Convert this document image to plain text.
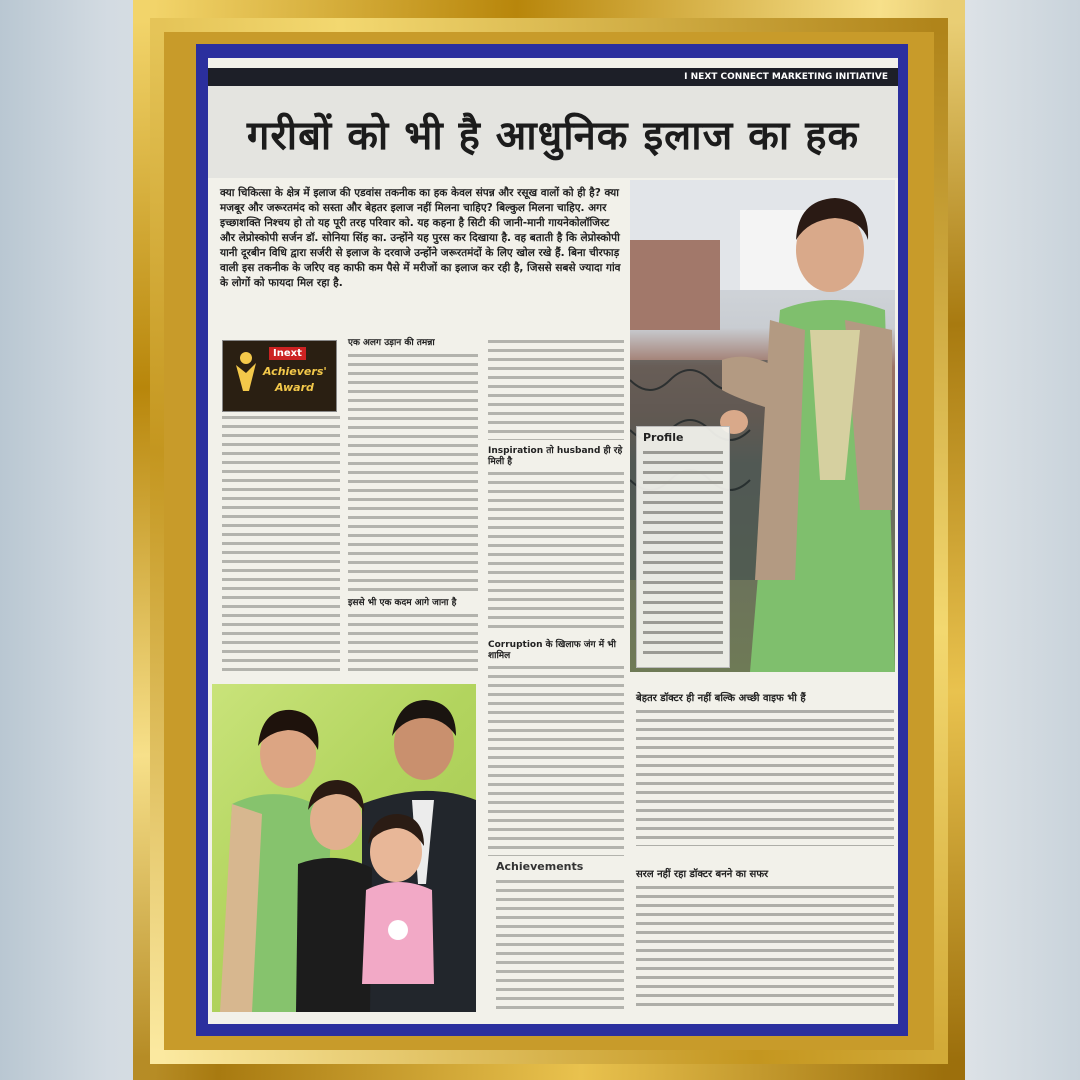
I NEXT CONNECT MARKETING INITIATIVE
गरीबों को भी है आधुनिक इलाज का हक
क्या चिकित्सा के क्षेत्र में इलाज की एडवांस तकनीक का हक केवल संपन्न और रसूख वालों को ही है? क्या मजबूर और जरूरतमंद को सस्ता और बेहतर इलाज नहीं मिलना चाहिए? बिल्कुल मिलना चाहिए. अगर इच्छाशक्ति निश्चय हो तो यह पूरी तरह परिवार को. यह कहना है सिटी की जानी-मानी गायनेकोलॉजिस्ट और लेप्रोस्कोपी सर्जन डॉ. सोनिया सिंह का. उन्होंने यह पुरस कर दिखाया है. वह बताती है कि लेप्रोस्कोपी यानी दूरबीन विधि द्वारा सर्जरी से इलाज के दरवाजे उन्होंने जरूरतमंदों के लिए खोल रखे हैं. बिना चीरफाड़ वाली इस तकनीक के जरिए वह काफी कम पैसे में मरीजों का इलाज कर रही है, जिससे सबसे ज्यादा गांव के लोगों को फायदा मिल रहा है.
Inext
Achievers'
Award
एक अलग उड़ान की तमन्ना
इससे भी एक कदम आगे जाना है
Inspiration तो husband ही रहे मिली है
Corruption के खिलाफ जंग में भी शामिल
Profile
Achievements
बेहतर डॉक्टर ही नहीं बल्कि अच्छी वाइफ भी हैं
सरल नहीं रहा डॉक्टर बनने का सफर
